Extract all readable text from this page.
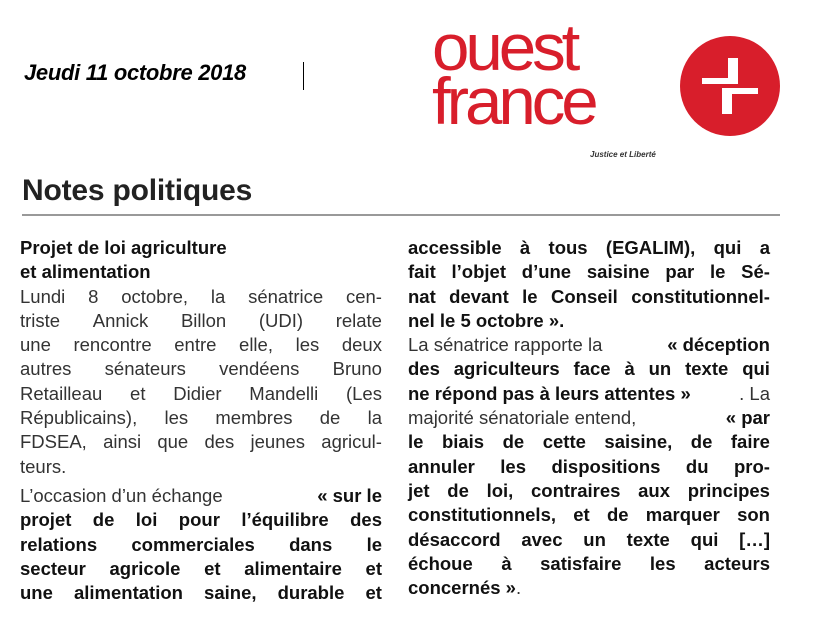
Jeudi 11 octobre 2018	ouest
france
Justice et Liberté
Notes politiques
Projet de loi agriculture
et alimentation
Lundi 8 octobre, la sénatrice cen-
triste Annick Billon (UDI) relate
une rencontre entre elle, les deux
autres sénateurs vendéens Bruno
Retailleau et Didier Mandelli (Les
Républicains), les membres de la
FDSEA, ainsi que des jeunes agricul-
teurs.
L’occasion d’un échange	« sur le
projet de loi pour l’équilibre des
relations commerciales dans le
secteur agricole et alimentaire et
une alimentation saine, durable et
accessible à tous (EGALIM), qui a
fait l’objet d’une saisine par le Sé-
nat devant le Conseil constitutionnel-
nel le 5 octobre ».
La sénatrice rapporte la	« déception
des agriculteurs face à un texte qui
ne répond pas à leurs attentes »	. La
majorité sénatoriale entend,	« par
le biais de cette saisine, de faire
annuler les dispositions du pro-
jet de loi, contraires aux principes
constitutionnels, et de marquer son
désaccord avec un texte qui […]
échoue à satisfaire les acteurs
concernés » .
